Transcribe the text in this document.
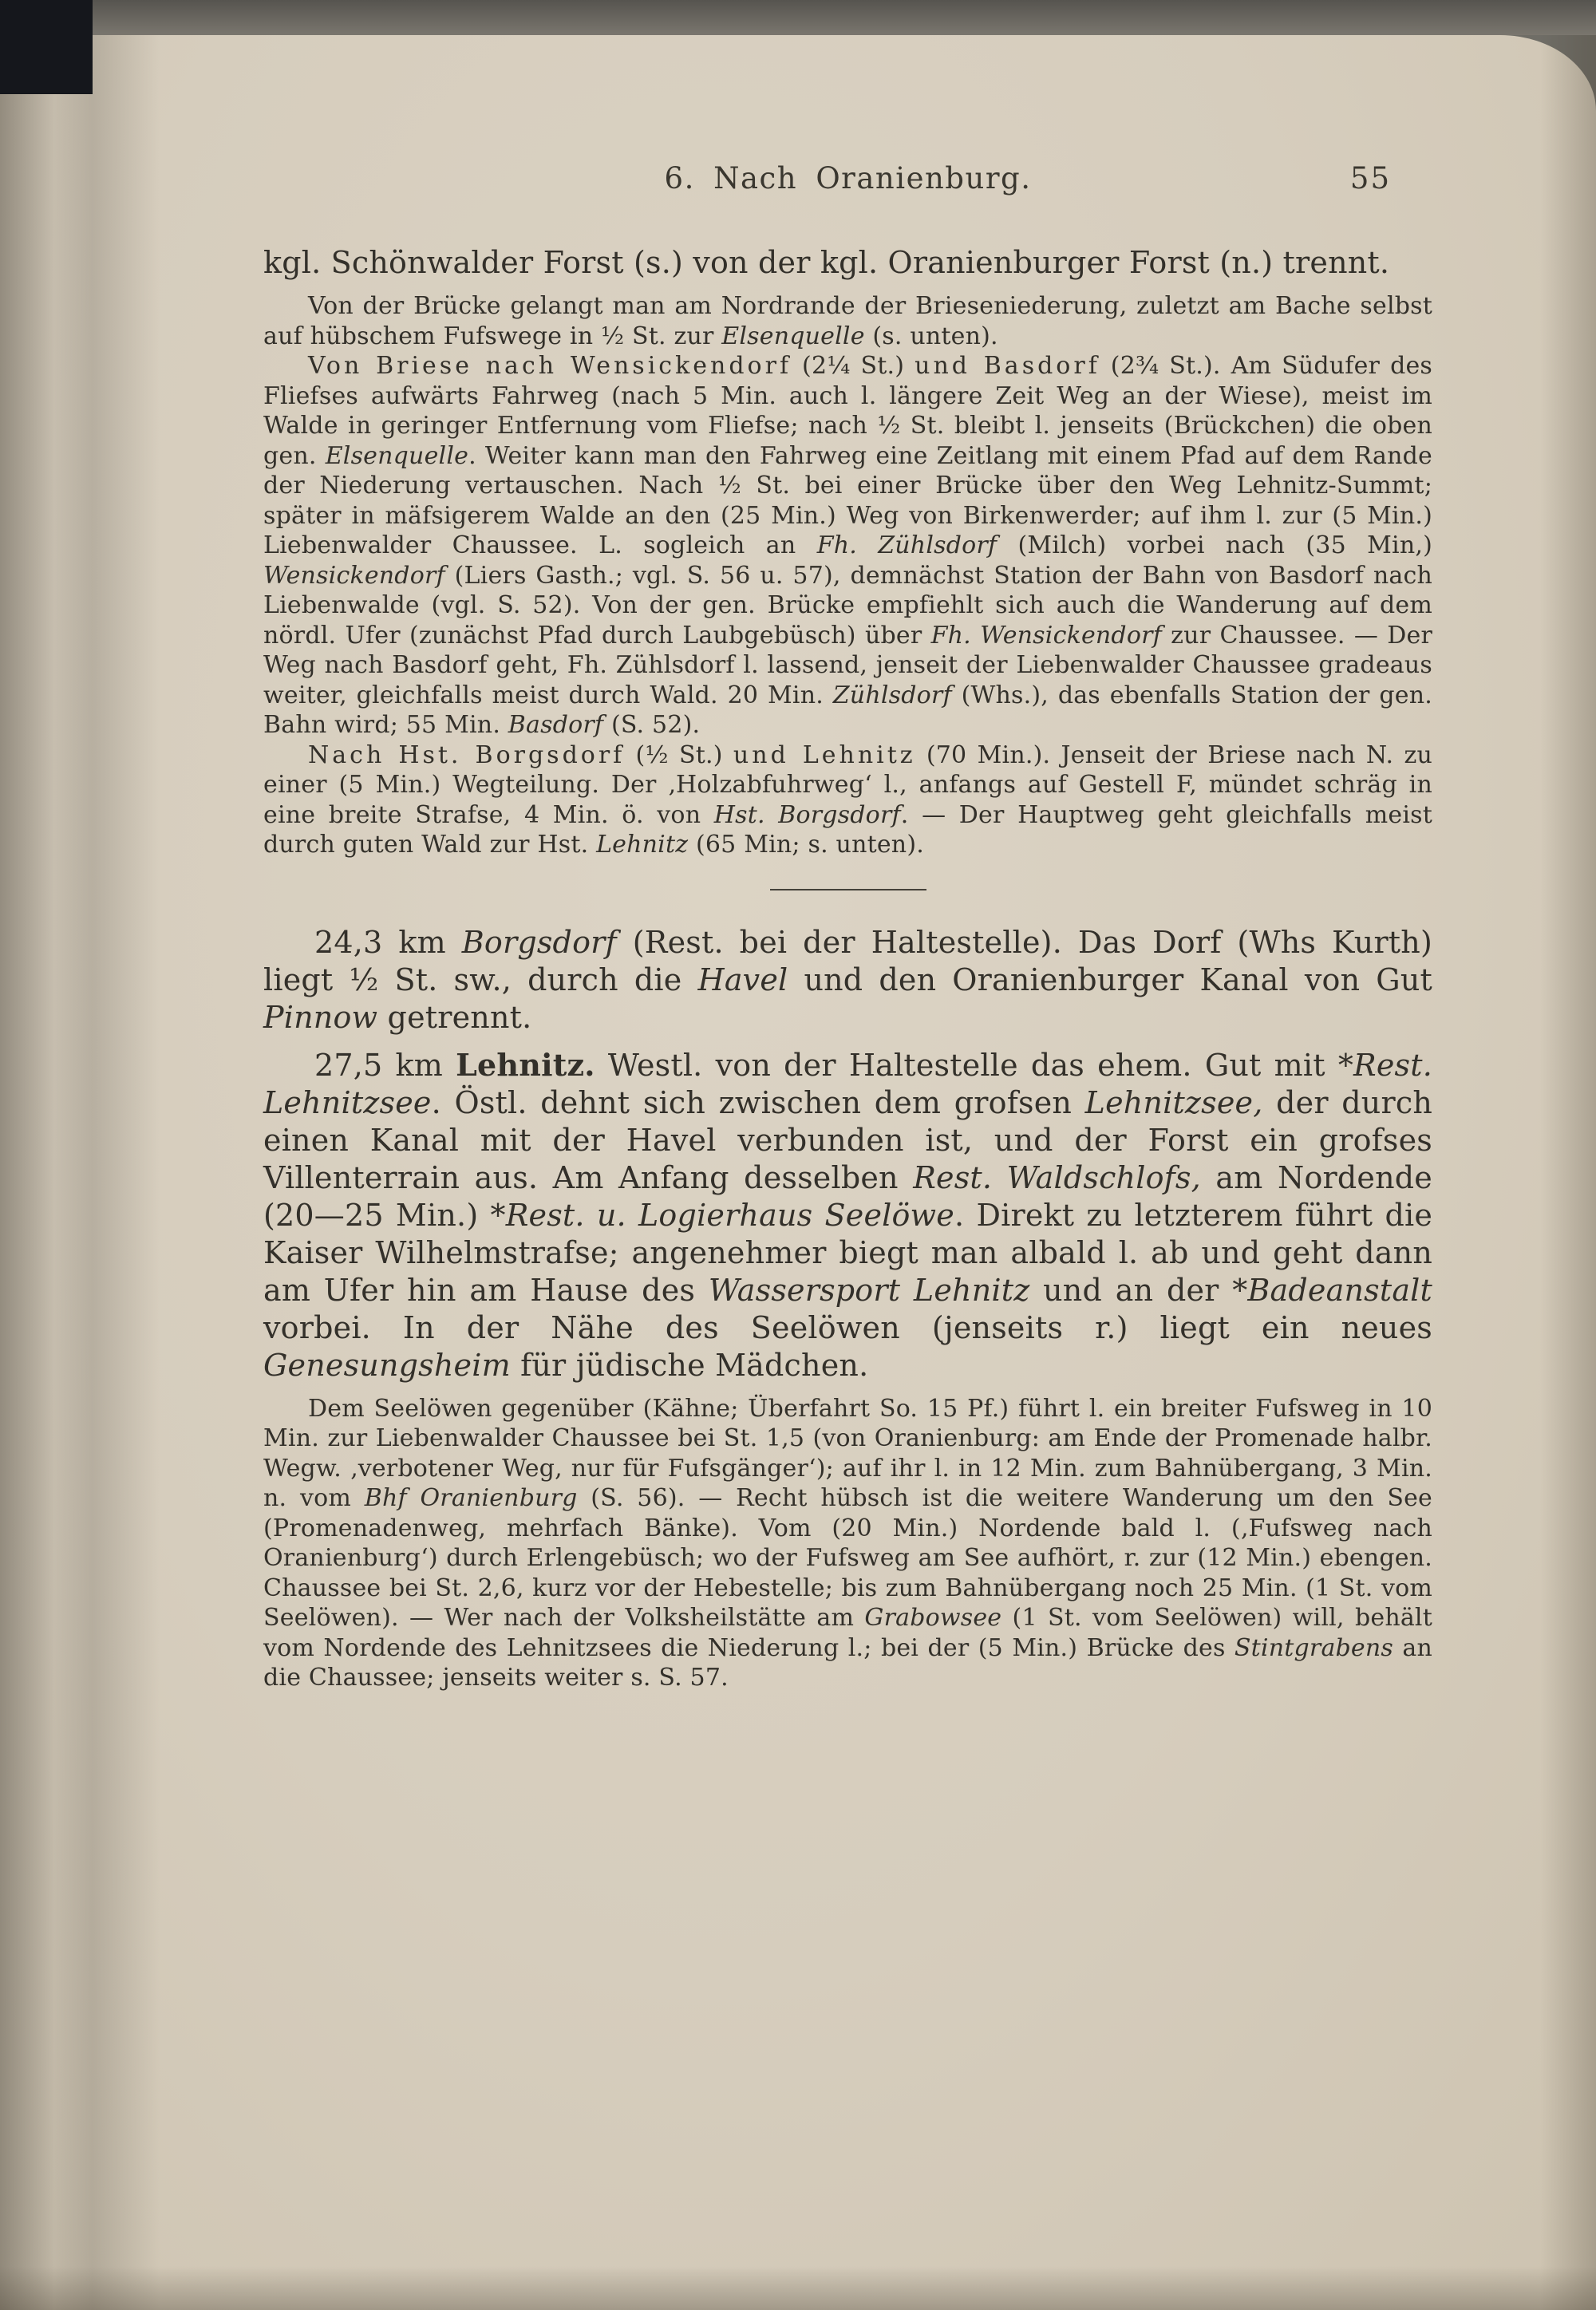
6. Nach Oranienburg.	55

kgl. Schönwalder Forst (s.) von der kgl. Oranienburger Forst (n.) trennt.

Von der Brücke gelangt man am Nordrande der Brieseniederung, zuletzt am Bache selbst auf hübschem Fufswege in ½ St. zur Elsenquelle (s. unten).

Von Briese nach Wensickendorf (2¼ St.) und Basdorf (2¾ St.). Am Südufer des Fliefses aufwärts Fahrweg (nach 5 Min. auch l. längere Zeit Weg an der Wiese), meist im Walde in geringer Entfernung vom Fliefse; nach ½ St. bleibt l. jenseits (Brückchen) die oben gen. Elsenquelle. Weiter kann man den Fahrweg eine Zeitlang mit einem Pfad auf dem Rande der Niederung vertauschen. Nach ½ St. bei einer Brücke über den Weg Lehnitz-Summt; später in mäfsigerem Walde an den (25 Min.) Weg von Birkenwerder; auf ihm l. zur (5 Min.) Liebenwalder Chaussee. L. sogleich an Fh. Zühlsdorf (Milch) vorbei nach (35 Min,) Wensickendorf (Liers Gasth.; vgl. S. 56 u. 57), demnächst Station der Bahn von Basdorf nach Liebenwalde (vgl. S. 52). Von der gen. Brücke empfiehlt sich auch die Wanderung auf dem nördl. Ufer (zunächst Pfad durch Laubgebüsch) über Fh. Wensickendorf zur Chaussee. — Der Weg nach Basdorf geht, Fh. Zühlsdorf l. lassend, jenseit der Liebenwalder Chaussee gradeaus weiter, gleichfalls meist durch Wald. 20 Min. Zühlsdorf (Whs.), das ebenfalls Station der gen. Bahn wird; 55 Min. Basdorf (S. 52).

Nach Hst. Borgsdorf (½ St.) und Lehnitz (70 Min.). Jenseit der Briese nach N. zu einer (5 Min.) Wegteilung. Der ‚Holzabfuhrweg‘ l., anfangs auf Gestell F, mündet schräg in eine breite Strafse, 4 Min. ö. von Hst. Borgsdorf. — Der Hauptweg geht gleichfalls meist durch guten Wald zur Hst. Lehnitz (65 Min; s. unten).

24,3 km Borgsdorf (Rest. bei der Haltestelle). Das Dorf (Whs Kurth) liegt ½ St. sw., durch die Havel und den Oranienburger Kanal von Gut Pinnow getrennt.

27,5 km Lehnitz. Westl. von der Haltestelle das ehem. Gut mit *Rest. Lehnitzsee. Östl. dehnt sich zwischen dem grofsen Lehnitzsee, der durch einen Kanal mit der Havel verbunden ist, und der Forst ein grofses Villenterrain aus. Am Anfang desselben Rest. Waldschlofs, am Nordende (20—25 Min.) *Rest. u. Logierhaus Seelöwe. Direkt zu letzterem führt die Kaiser Wilhelmstrafse; angenehmer biegt man albald l. ab und geht dann am Ufer hin am Hause des Wassersport Lehnitz und an der *Badeanstalt vorbei. In der Nähe des Seelöwen (jenseits r.) liegt ein neues Genesungsheim für jüdische Mädchen.

Dem Seelöwen gegenüber (Kähne; Überfahrt So. 15 Pf.) führt l. ein breiter Fufsweg in 10 Min. zur Liebenwalder Chaussee bei St. 1,5 (von Oranienburg: am Ende der Promenade halbr. Wegw. ‚verbotener Weg, nur für Fufsgänger‘); auf ihr l. in 12 Min. zum Bahnübergang, 3 Min. n. vom Bhf Oranienburg (S. 56). — Recht hübsch ist die weitere Wanderung um den See (Promenadenweg, mehrfach Bänke). Vom (20 Min.) Nordende bald l. (‚Fufsweg nach Oranienburg‘) durch Erlengebüsch; wo der Fufsweg am See aufhört, r. zur (12 Min.) ebengen. Chaussee bei St. 2,6, kurz vor der Hebestelle; bis zum Bahnübergang noch 25 Min. (1 St. vom Seelöwen). — Wer nach der Volksheilstätte am Grabowsee (1 St. vom Seelöwen) will, behält vom Nordende des Lehnitzsees die Niederung l.; bei der (5 Min.) Brücke des Stintgrabens an die Chaussee; jenseits weiter s. S. 57.
